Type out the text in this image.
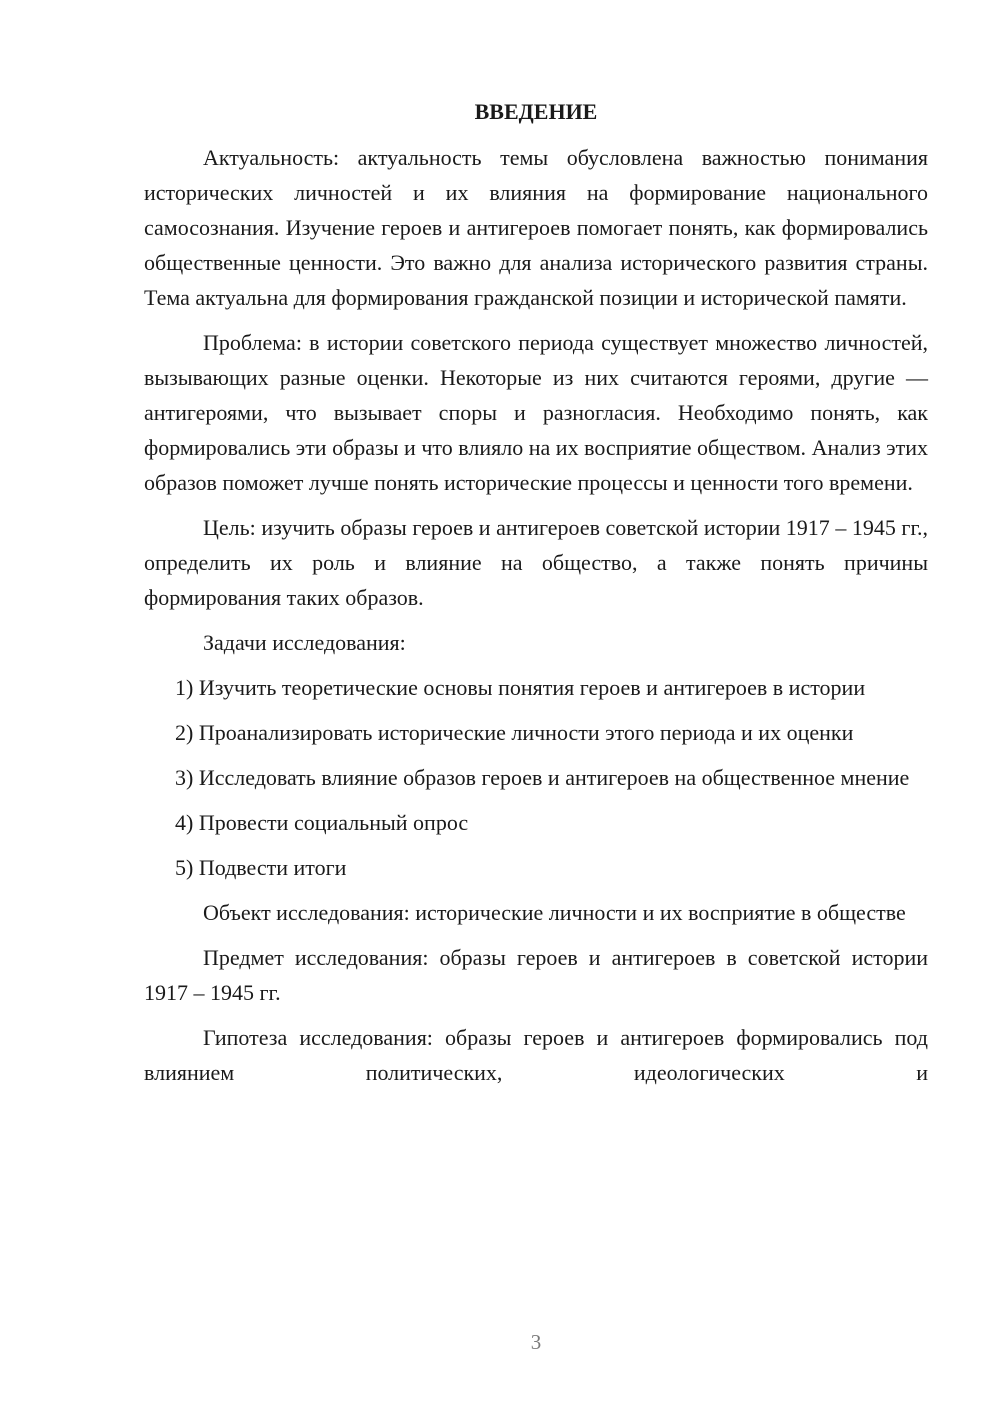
ВВЕДЕНИЕ

Актуальность: актуальность темы обусловлена важностью понимания исторических личностей и их влияния на формирование национального самосознания. Изучение героев и антигероев помогает понять, как формировались общественные ценности. Это важно для анализа исторического развития страны. Тема актуальна для формирования гражданской позиции и исторической памяти.

Проблема: в истории советского периода существует множество личностей, вызывающих разные оценки. Некоторые из них считаются героями, другие — антигероями, что вызывает споры и разногласия. Необходимо понять, как формировались эти образы и что влияло на их восприятие обществом. Анализ этих образов поможет лучше понять исторические процессы и ценности того времени.

Цель: изучить образы героев и антигероев советской истории 1917 – 1945 гг., определить их роль и влияние на общество, а также понять причины формирования таких образов.

Задачи исследования:

1) Изучить теоретические основы понятия героев и антигероев в истории

2) Проанализировать исторические личности этого периода и их оценки

3) Исследовать влияние образов героев и антигероев на общественное мнение

4) Провести социальный опрос

5) Подвести итоги

Объект исследования: исторические личности и их восприятие в обществе

Предмет исследования: образы героев и антигероев в советской истории 1917 – 1945 гг.

Гипотеза исследования: образы героев и антигероев формировались под влиянием политических, идеологических и

3
